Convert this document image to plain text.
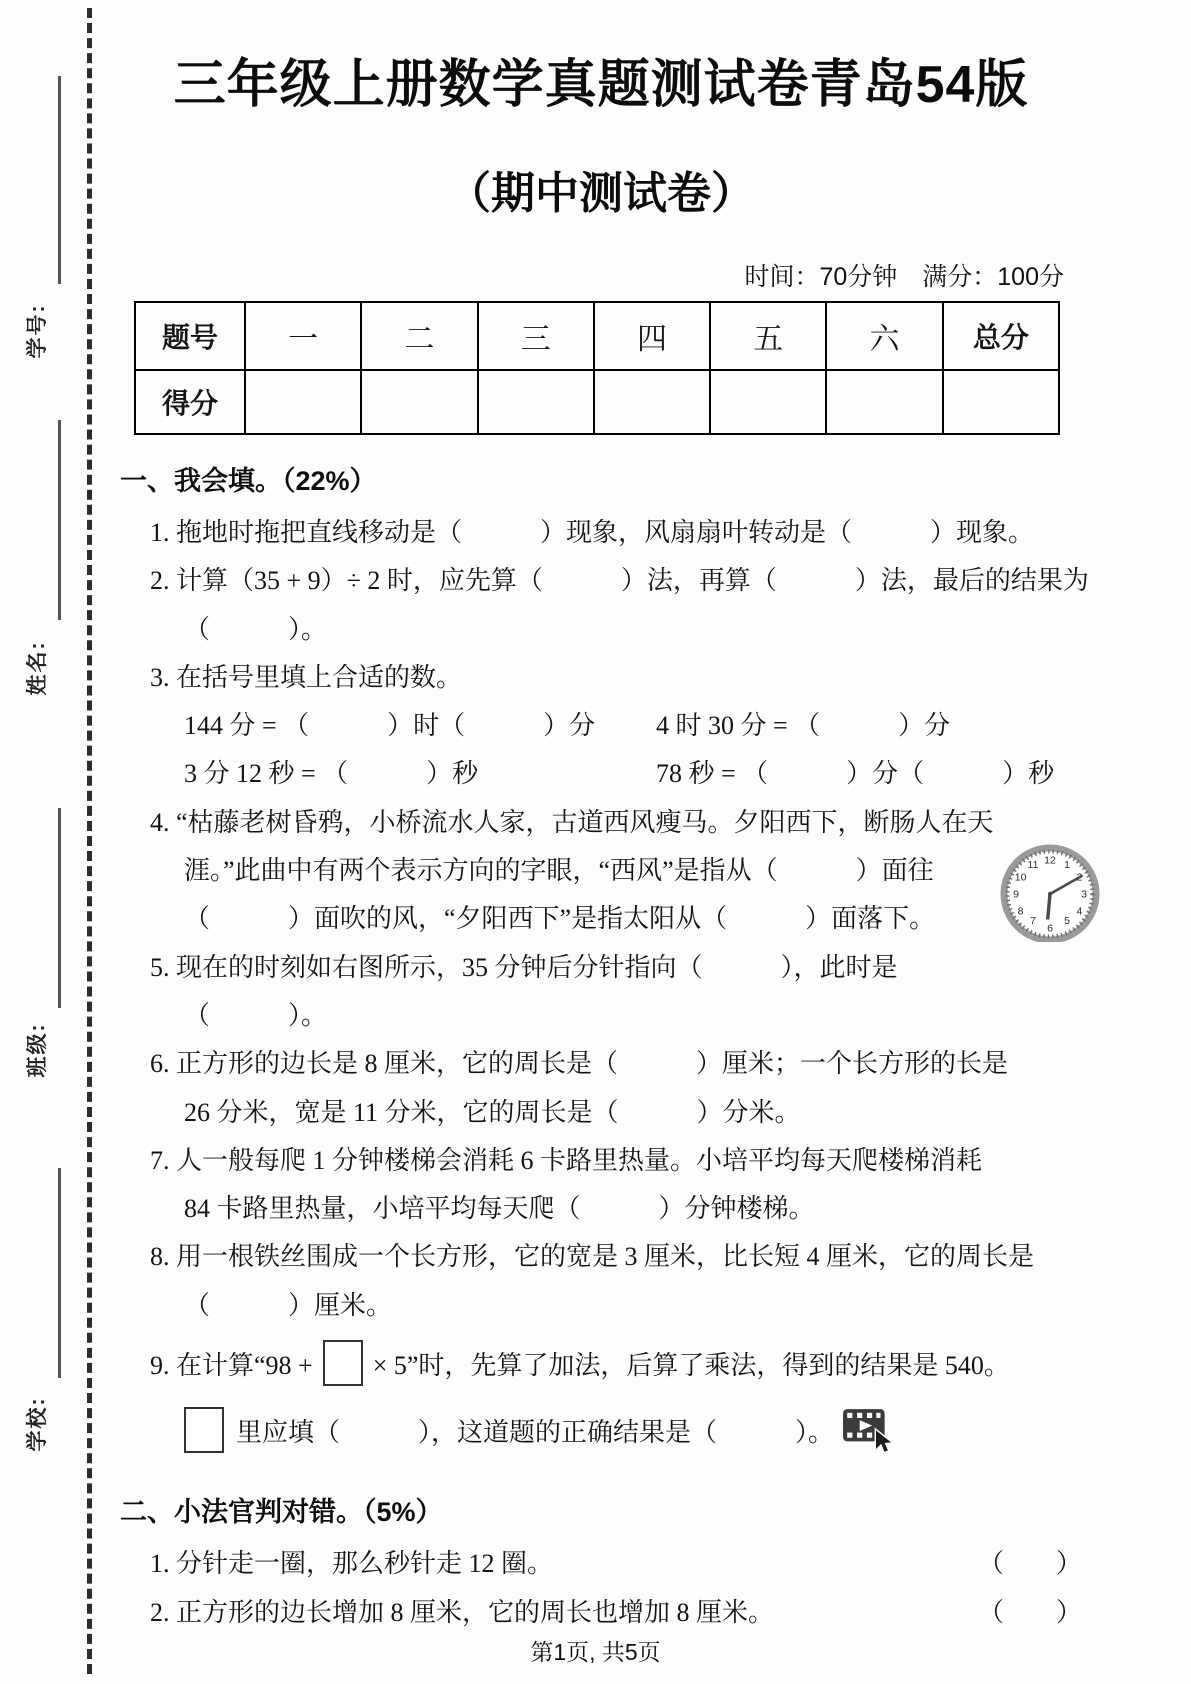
学号:
姓名:
班级:
学校:
三年级上册数学真题测试卷青岛54版
（期中测试卷）
时间：70分钟　满分：100分
题号	一	二	三	四	五	六	总分
得分							
一、我会填。（22%）
1. 拖地时拖把直线移动是（　　　）现象，风扇扇叶转动是（　　　）现象。
2. 计算（35 + 9）÷ 2 时，应先算（　　　）法，再算（　　　）法，最后的结果为
（　　　）。
3. 在括号里填上合适的数。
144 分 = （　　　）时（　　　）分	4 时 30 分 = （　　　）分
3 分 12 秒 = （　　　）秒	78 秒 = （　　　）分（　　　）秒
4. “枯藤老树昏鸦，小桥流水人家，古道西风瘦马。夕阳西下，断肠人在天
涯。”此曲中有两个表示方向的字眼，“西风”是指从（　　　）面往
（　　　）面吹的风，“夕阳西下”是指太阳从（　　　）面落下。
5. 现在的时刻如右图所示，35 分钟后分针指向（　　　），此时是
（　　　）。
6. 正方形的边长是 8 厘米，它的周长是（　　　）厘米；一个长方形的长是
26 分米，宽是 11 分米，它的周长是（　　　）分米。
7. 人一般每爬 1 分钟楼梯会消耗 6 卡路里热量。小培平均每天爬楼梯消耗
84 卡路里热量，小培平均每天爬（　　　）分钟楼梯。
8. 用一根铁丝围成一个长方形，它的宽是 3 厘米，比长短 4 厘米，它的周长是
（　　　）厘米。
9. 在计算“98 + × 5”时，先算了加法，后算了乘法，得到的结果是 540。
里应填（　　　），这道题的正确结果是（　　　）。
二、小法官判对错。（5%）
1. 分针走一圈，那么秒针走 12 圈。	（　　）
2. 正方形的边长增加 8 厘米，它的周长也增加 8 厘米。	（　　）
12 1
3
4
5
6
7
8
9
10
11
第1页, 共5页
